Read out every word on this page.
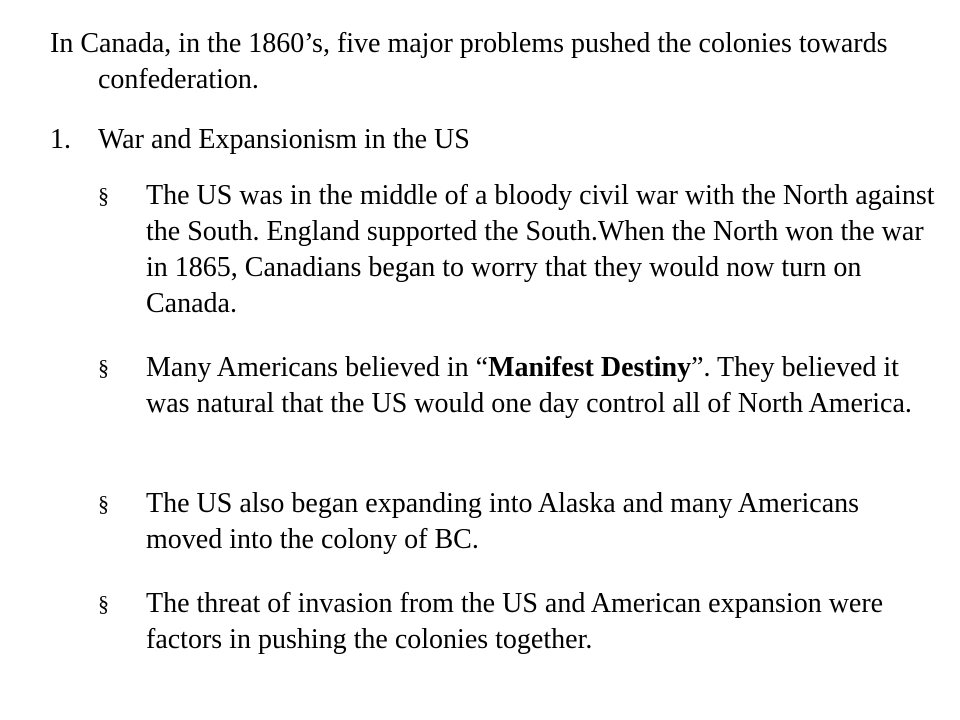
In Canada, in the 1860’s, five major problems pushed the colonies towards confederation.

1. War and Expansionism in the US
§	The US was in the middle of a bloody civil war with the North against the South. England supported the South.When the North won the war in 1865, Canadians began to worry that they would now turn on Canada.

§	Many Americans believed in “Manifest Destiny”. They believed it was natural that the US would one day control all of North America.

§	The US also began expanding into Alaska and many Americans moved into the colony of BC.

§	The threat of invasion from the US and American expansion were factors in pushing the colonies together.
